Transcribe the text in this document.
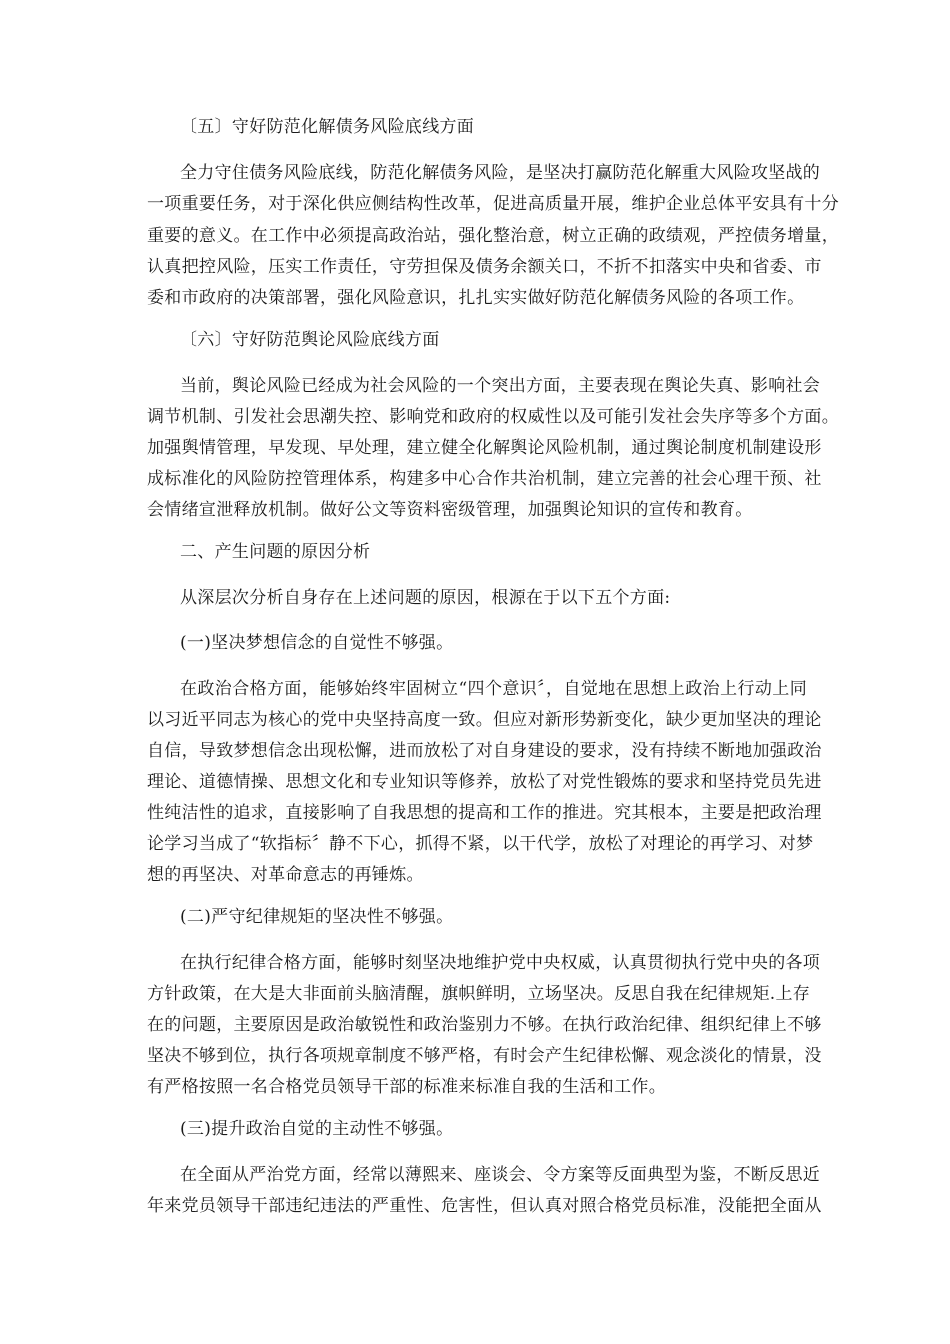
〔五〕守好防范化解债务风险底线方面
全力守住债务风险底线，防范化解债务风险，是坚决打赢防范化解重大风险攻坚战的
一项重要任务，对于深化供应侧结构性改革，促进高质量开展，维护企业总体平安具有十分
重要的意义。在工作中必须提高政治站，强化整治意，树立正确的政绩观，严控债务增量，
认真把控风险，压实工作责任，守劳担保及债务余额关口，不折不扣落实中央和省委、市
委和市政府的决策部署，强化风险意识，扎扎实实做好防范化解债务风险的各项工作。
〔六〕守好防范舆论风险底线方面
当前，舆论风险已经成为社会风险的一个突出方面，主要表现在舆论失真、影响社会
调节机制、引发社会思潮失控、影响党和政府的权威性以及可能引发社会失序等多个方面。
加强舆情管理，早发现、早处理，建立健全化解舆论风险机制，通过舆论制度机制建设形
成标准化的风险防控管理体系，构建多中心合作共治机制，建立完善的社会心理干预、社
会情绪宣泄释放机制。做好公文等资料密级管理，加强舆论知识的宣传和教育。
二、产生问题的原因分析
从深层次分析自身存在上述问题的原因，根源在于以下五个方面:
(一)坚决梦想信念的自觉性不够强。
在政治合格方面，能够始终牢固树立“四个意识〞，自觉地在思想上政治上行动上同
以习近平同志为核心的党中央坚持高度一致。但应对新形势新变化，缺少更加坚决的理论
自信，导致梦想信念出现松懈，进而放松了对自身建设的要求，没有持续不断地加强政治
理论、道德情操、思想文化和专业知识等修养，放松了对党性锻炼的要求和坚持党员先进
性纯洁性的追求，直接影响了自我思想的提高和工作的推进。究其根本，主要是把政治理
论学习当成了“软指标〞静不下心，抓得不紧，以干代学，放松了对理论的再学习、对梦
想的再坚决、对革命意志的再锤炼。
(二)严守纪律规矩的坚决性不够强。
在执行纪律合格方面，能够时刻坚决地维护党中央权威，认真贯彻执行党中央的各项
方针政策，在大是大非面前头脑清醒，旗帜鲜明，立场坚决。反思自我在纪律规矩.上存
在的问题，主要原因是政治敏锐性和政治鉴别力不够。在执行政治纪律、组织纪律上不够
坚决不够到位，执行各项规章制度不够严格，有时会产生纪律松懈、观念淡化的情景，没
有严格按照一名合格党员领导干部的标准来标准自我的生活和工作。
(三)提升政治自觉的主动性不够强。
在全面从严治党方面，经常以薄熙来、座谈会、令方案等反面典型为鉴，不断反思近
年来党员领导干部违纪违法的严重性、危害性，但认真对照合格党员标准，没能把全面从
